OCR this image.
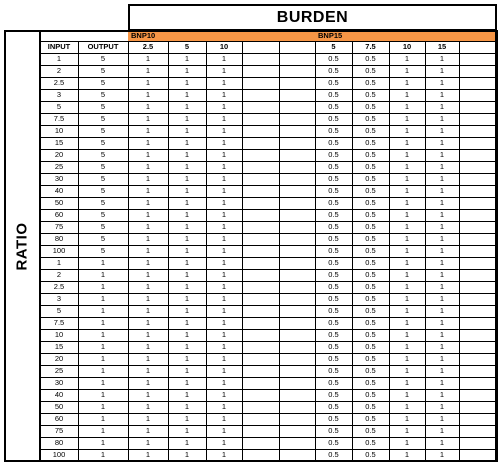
BURDEN
RATIO
BNP10	BNP15
INPUT	OUTPUT	2.5	5	10	5	7.5	10	15
1	5	1	1	1	0.5	0.5	1	1
2	5	1	1	1	0.5	0.5	1	1
2.5	5	1	1	1	0.5	0.5	1	1
3	5	1	1	1	0.5	0.5	1	1
5	5	1	1	1	0.5	0.5	1	1
7.5	5	1	1	1	0.5	0.5	1	1
10	5	1	1	1	0.5	0.5	1	1
15	5	1	1	1	0.5	0.5	1	1
20	5	1	1	1	0.5	0.5	1	1
25	5	1	1	1	0.5	0.5	1	1
30	5	1	1	1	0.5	0.5	1	1
40	5	1	1	1	0.5	0.5	1	1
50	5	1	1	1	0.5	0.5	1	1
60	5	1	1	1	0.5	0.5	1	1
75	5	1	1	1	0.5	0.5	1	1
80	5	1	1	1	0.5	0.5	1	1
100	5	1	1	1	0.5	0.5	1	1
1	1	1	1	1	0.5	0.5	1	1
2	1	1	1	1	0.5	0.5	1	1
2.5	1	1	1	1	0.5	0.5	1	1
3	1	1	1	1	0.5	0.5	1	1
5	1	1	1	1	0.5	0.5	1	1
7.5	1	1	1	1	0.5	0.5	1	1
10	1	1	1	1	0.5	0.5	1	1
15	1	1	1	1	0.5	0.5	1	1
20	1	1	1	1	0.5	0.5	1	1
25	1	1	1	1	0.5	0.5	1	1
30	1	1	1	1	0.5	0.5	1	1
40	1	1	1	1	0.5	0.5	1	1
50	1	1	1	1	0.5	0.5	1	1
60	1	1	1	1	0.5	0.5	1	1
75	1	1	1	1	0.5	0.5	1	1
80	1	1	1	1	0.5	0.5	1	1
100	1	1	1	1	0.5	0.5	1	1
